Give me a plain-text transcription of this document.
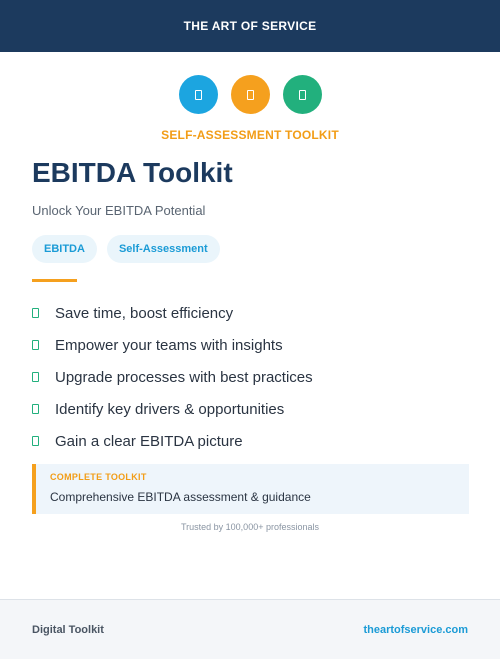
THE ART OF SERVICE
SELF-ASSESSMENT TOOLKIT
EBITDA Toolkit
Unlock Your EBITDA Potential
EBITDA	Self-Assessment
Save time, boost efficiency
Empower your teams with insights
Upgrade processes with best practices
Identify key drivers & opportunities
Gain a clear EBITDA picture
COMPLETE TOOLKIT
Comprehensive EBITDA assessment & guidance
Trusted by 100,000+ professionals
Digital Toolkit	theartofservice.com
